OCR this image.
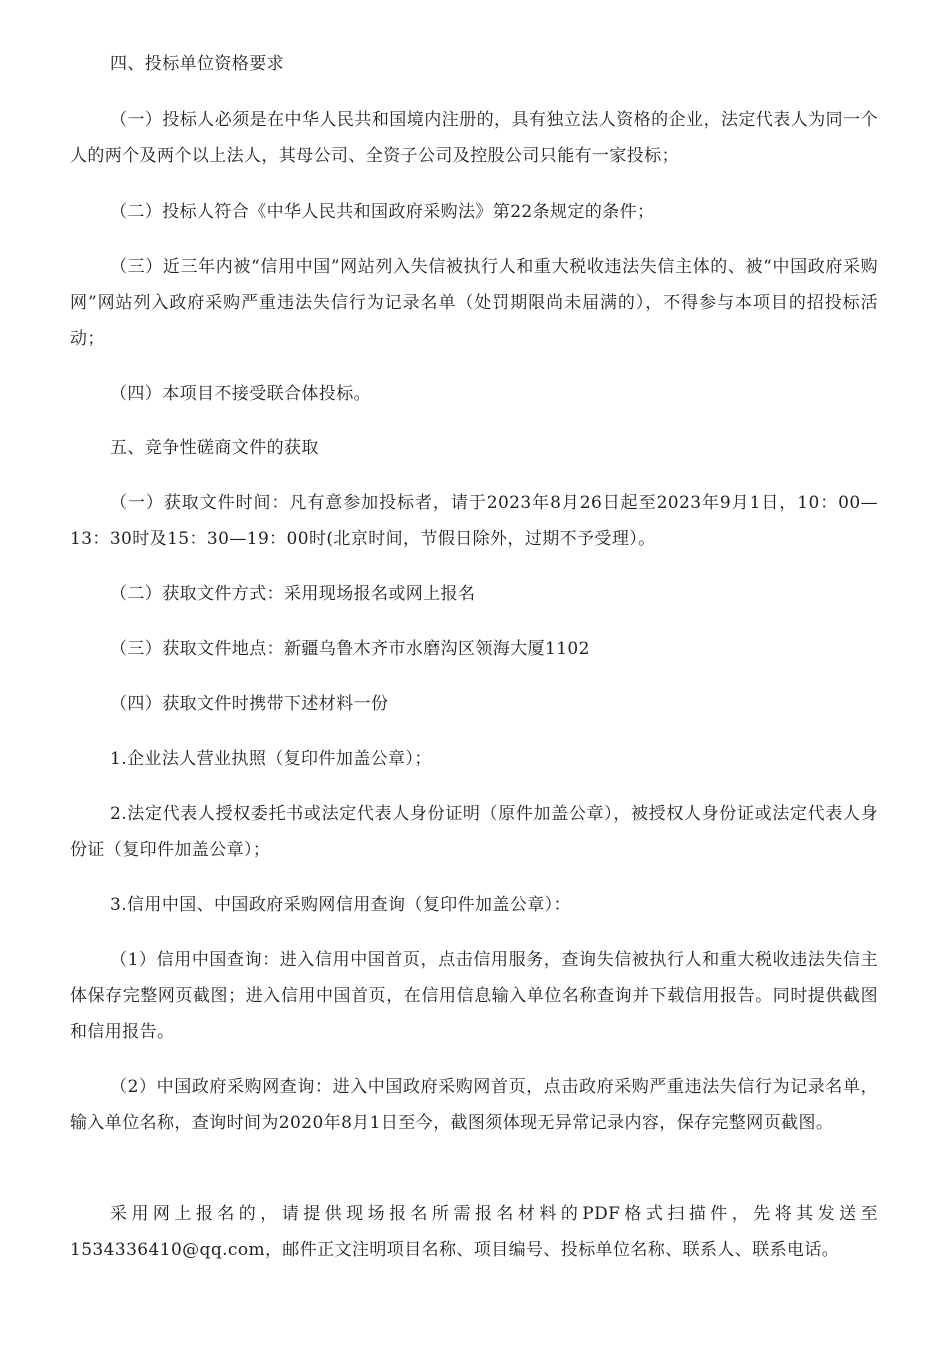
四、投标单位资格要求

（一）投标人必须是在中华人民共和国境内注册的，具有独立法人资格的企业，法定代表人为同一个人的两个及两个以上法人，其母公司、全资子公司及控股公司只能有一家投标；

（二）投标人符合《中华人民共和国政府采购法》第22条规定的条件；

（三）近三年内被“信用中国”网站列入失信被执行人和重大税收违法失信主体的、被“中国政府采购网”网站列入政府采购严重违法失信行为记录名单（处罚期限尚未届满的），不得参与本项目的招投标活动；

（四）本项目不接受联合体投标。

五、竞争性磋商文件的获取

（一）获取文件时间：凡有意参加投标者，请于2023年8月26日起至2023年9月1日，10：00—13：30时及15：30—19：00时(北京时间，节假日除外，过期不予受理）。

（二）获取文件方式：采用现场报名或网上报名

（三）获取文件地点：新疆乌鲁木齐市水磨沟区领海大厦1102

（四）获取文件时携带下述材料一份

1.企业法人营业执照（复印件加盖公章）；

2.法定代表人授权委托书或法定代表人身份证明（原件加盖公章），被授权人身份证或法定代表人身份证（复印件加盖公章）；

3.信用中国、中国政府采购网信用查询（复印件加盖公章）：

（1）信用中国查询：进入信用中国首页，点击信用服务，查询失信被执行人和重大税收违法失信主体保存完整网页截图；进入信用中国首页，在信用信息输入单位名称查询并下载信用报告。同时提供截图和信用报告。

（2）中国政府采购网查询：进入中国政府采购网首页，点击政府采购严重违法失信行为记录名单，输入单位名称，查询时间为2020年8月1日至今，截图须体现无异常记录内容，保存完整网页截图。

采用网上报名的，请提供现场报名所需报名材料的PDF格式扫描件，先将其发送至1534336410@qq.com，邮件正文注明项目名称、项目编号、投标单位名称、联系人、联系电话。
